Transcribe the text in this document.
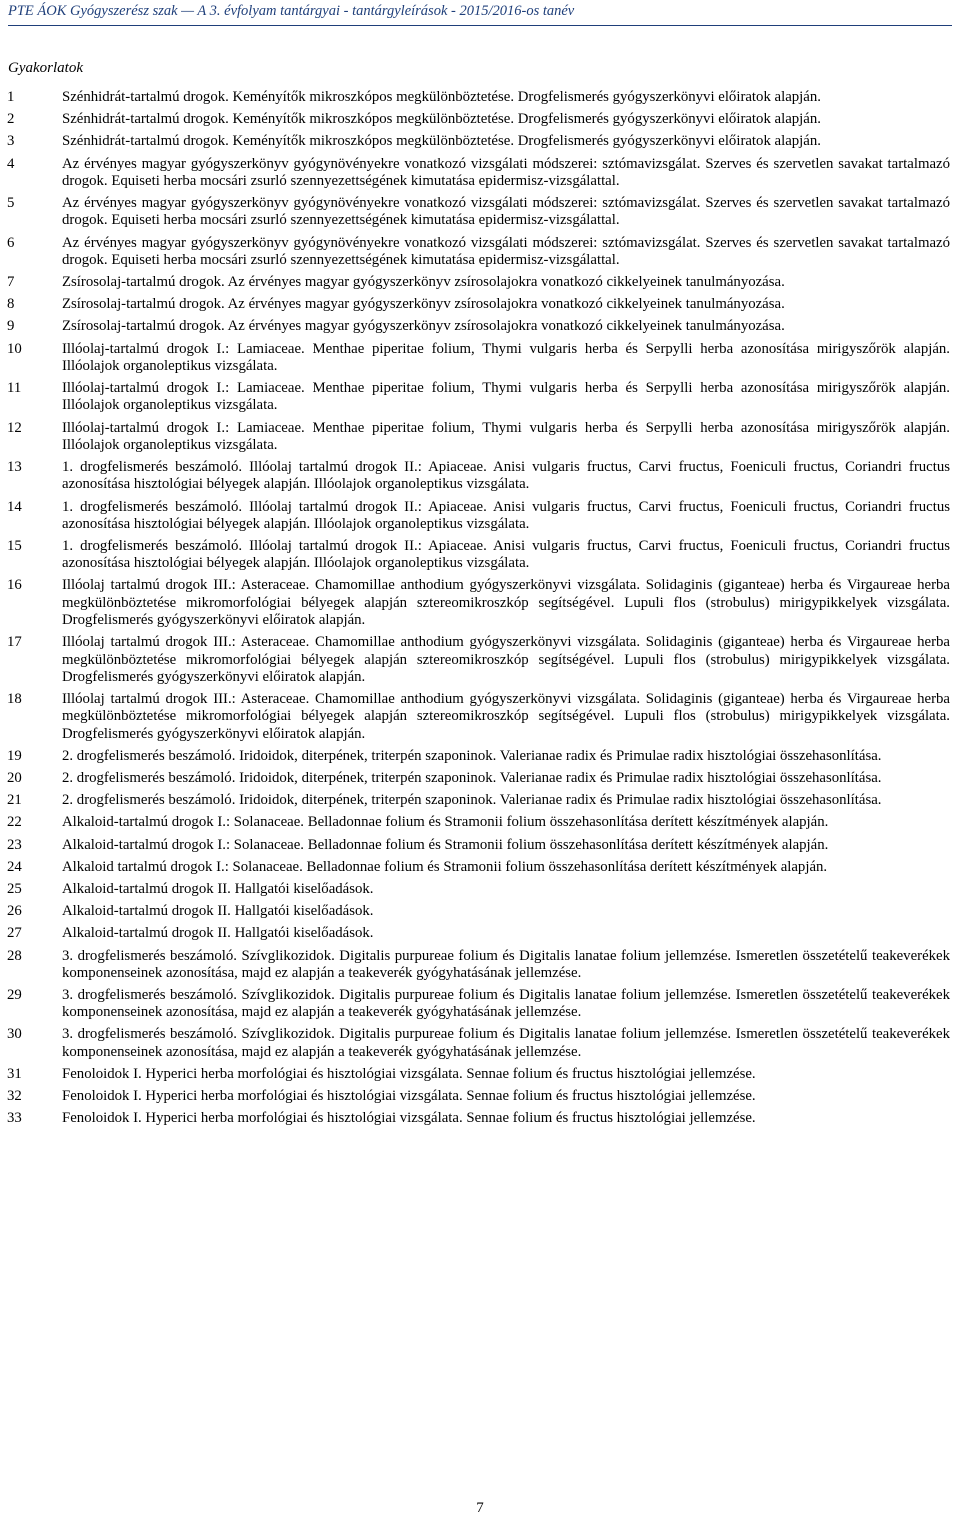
PTE ÁOK Gyógyszerész szak — A 3. évfolyam tantárgyai - tantárgyleírások - 2015/2016-os tanév
Gyakorlatok
1	Szénhidrát-tartalmú drogok. Keményítők mikroszkópos megkülönböztetése. Drogfelismerés gyógyszerkönyvi előiratok alapján.
2	Szénhidrát-tartalmú drogok. Keményítők mikroszkópos megkülönböztetése. Drogfelismerés gyógyszerkönyvi előiratok alapján.
3	Szénhidrát-tartalmú drogok. Keményítők mikroszkópos megkülönböztetése. Drogfelismerés gyógyszerkönyvi előiratok alapján.
4	Az érvényes magyar gyógyszerkönyv gyógynövényekre vonatkozó vizsgálati módszerei: sztómavizsgálat. Szerves és szervetlen savakat tartalmazó drogok. Equiseti herba mocsári zsurló szennyezettségének kimutatása epidermisz-vizsgálattal.
5	Az érvényes magyar gyógyszerkönyv gyógynövényekre vonatkozó vizsgálati módszerei: sztómavizsgálat. Szerves és szervetlen savakat tartalmazó drogok. Equiseti herba mocsári zsurló szennyezettségének kimutatása epidermisz-vizsgálattal.
6	Az érvényes magyar gyógyszerkönyv gyógynövényekre vonatkozó vizsgálati módszerei: sztómavizsgálat. Szerves és szervetlen savakat tartalmazó drogok. Equiseti herba mocsári zsurló szennyezettségének kimutatása epidermisz-vizsgálattal.
7	Zsírosolaj-tartalmú drogok. Az érvényes magyar gyógyszerkönyv zsírosolajokra vonatkozó cikkelyeinek tanulmányozása.
8	Zsírosolaj-tartalmú drogok. Az érvényes magyar gyógyszerkönyv zsírosolajokra vonatkozó cikkelyeinek tanulmányozása.
9	Zsírosolaj-tartalmú drogok. Az érvényes magyar gyógyszerkönyv zsírosolajokra vonatkozó cikkelyeinek tanulmányozása.
10	Illóolaj-tartalmú drogok I.: Lamiaceae. Menthae piperitae folium, Thymi vulgaris herba és Serpylli herba azonosítása mirigyszőrök alapján. Illóolajok organoleptikus vizsgálata.
11	Illóolaj-tartalmú drogok I.: Lamiaceae. Menthae piperitae folium, Thymi vulgaris herba és Serpylli herba azonosítása mirigyszőrök alapján. Illóolajok organoleptikus vizsgálata.
12	Illóolaj-tartalmú drogok I.: Lamiaceae. Menthae piperitae folium, Thymi vulgaris herba és Serpylli herba azonosítása mirigyszőrök alapján. Illóolajok organoleptikus vizsgálata.
13	1. drogfelismerés beszámoló. Illóolaj tartalmú drogok II.: Apiaceae. Anisi vulgaris fructus, Carvi fructus, Foeniculi fructus, Coriandri fructus azonosítása hisztológiai bélyegek alapján. Illóolajok organoleptikus vizsgálata.
14	1. drogfelismerés beszámoló. Illóolaj tartalmú drogok II.: Apiaceae. Anisi vulgaris fructus, Carvi fructus, Foeniculi fructus, Coriandri fructus azonosítása hisztológiai bélyegek alapján. Illóolajok organoleptikus vizsgálata.
15	1. drogfelismerés beszámoló. Illóolaj tartalmú drogok II.: Apiaceae. Anisi vulgaris fructus, Carvi fructus, Foeniculi fructus, Coriandri fructus azonosítása hisztológiai bélyegek alapján. Illóolajok organoleptikus vizsgálata.
16	Illóolaj tartalmú drogok III.: Asteraceae. Chamomillae anthodium gyógyszerkönyvi vizsgálata. Solidaginis (giganteae) herba és Virgaureae herba megkülönböztetése mikromorfológiai bélyegek alapján sztereomikroszkóp segítségével. Lupuli flos (strobulus) mirigypikkelyek vizsgálata. Drogfelismerés gyógyszerkönyvi előiratok alapján.
17	Illóolaj tartalmú drogok III.: Asteraceae. Chamomillae anthodium gyógyszerkönyvi vizsgálata. Solidaginis (giganteae) herba és Virgaureae herba megkülönböztetése mikromorfológiai bélyegek alapján sztereomikroszkóp segítségével. Lupuli flos (strobulus) mirigypikkelyek vizsgálata. Drogfelismerés gyógyszerkönyvi előiratok alapján.
18	Illóolaj tartalmú drogok III.: Asteraceae. Chamomillae anthodium gyógyszerkönyvi vizsgálata. Solidaginis (giganteae) herba és Virgaureae herba megkülönböztetése mikromorfológiai bélyegek alapján sztereomikroszkóp segítségével. Lupuli flos (strobulus) mirigypikkelyek vizsgálata. Drogfelismerés gyógyszerkönyvi előiratok alapján.
19	2. drogfelismerés beszámoló. Iridoidok, diterpének, triterpén szaponinok. Valerianae radix és Primulae radix hisztológiai összehasonlítása.
20	2. drogfelismerés beszámoló. Iridoidok, diterpének, triterpén szaponinok. Valerianae radix és Primulae radix hisztológiai összehasonlítása.
21	2. drogfelismerés beszámoló. Iridoidok, diterpének, triterpén szaponinok. Valerianae radix és Primulae radix hisztológiai összehasonlítása.
22	Alkaloid-tartalmú drogok I.: Solanaceae. Belladonnae folium és Stramonii folium összehasonlítása derített készítmények alapján.
23	Alkaloid-tartalmú drogok I.: Solanaceae. Belladonnae folium és Stramonii folium összehasonlítása derített készítmények alapján.
24	Alkaloid tartalmú drogok I.: Solanaceae. Belladonnae folium és Stramonii folium összehasonlítása derített készítmények alapján.
25	Alkaloid-tartalmú drogok II. Hallgatói kiselőadások.
26	Alkaloid-tartalmú drogok II. Hallgatói kiselőadások.
27	Alkaloid-tartalmú drogok II. Hallgatói kiselőadások.
28	3. drogfelismerés beszámoló. Szívglikozidok. Digitalis purpureae folium és Digitalis lanatae folium jellemzése. Ismeretlen összetételű teakeverékek komponenseinek azonosítása, majd ez alapján a teakeverék gyógyhatásának jellemzése.
29	3. drogfelismerés beszámoló. Szívglikozidok. Digitalis purpureae folium és Digitalis lanatae folium jellemzése. Ismeretlen összetételű teakeverékek komponenseinek azonosítása, majd ez alapján a teakeverék gyógyhatásának jellemzése.
30	3. drogfelismerés beszámoló. Szívglikozidok. Digitalis purpureae folium és Digitalis lanatae folium jellemzése. Ismeretlen összetételű teakeverékek komponenseinek azonosítása, majd ez alapján a teakeverék gyógyhatásának jellemzése.
31	Fenoloidok I. Hyperici herba morfológiai és hisztológiai vizsgálata. Sennae folium és fructus hisztológiai jellemzése.
32	Fenoloidok I. Hyperici herba morfológiai és hisztológiai vizsgálata. Sennae folium és fructus hisztológiai jellemzése.
33	Fenoloidok I. Hyperici herba morfológiai és hisztológiai vizsgálata. Sennae folium és fructus hisztológiai jellemzése.
7
